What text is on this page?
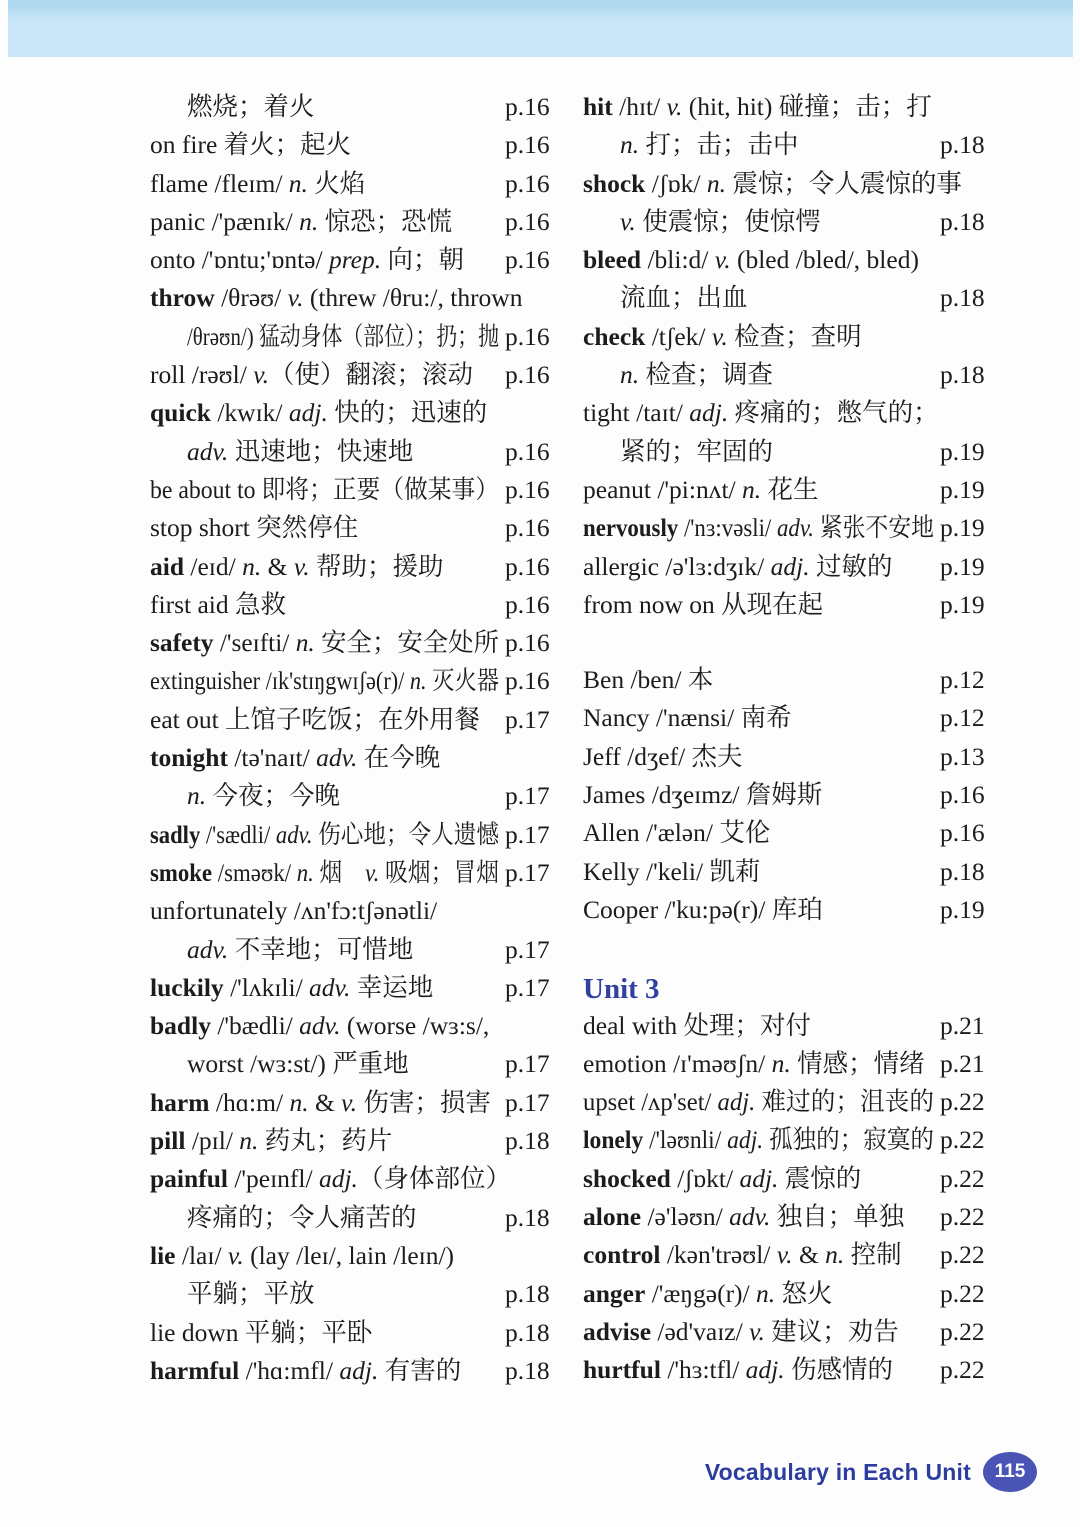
燃烧；着火	p.16
on fire 着火；起火	p.16
flame /fleɪm/ n. 火焰	p.16
panic /'pænɪk/ n. 惊恐；恐慌 p.16
onto /'ɒntu;'ɒntə/ prep. 向；朝 p.16
throw /θrəʊ/ v. (threw /θru:/, thrown
/θrəʊn/) 猛动身体（部位）；扔；抛 p.16
roll /rəʊl/ v.（使）翻滚；滚动 p.16
quick /kwɪk/ adj. 快的；迅速的
adv. 迅速地；快速地	p.16
be about to 即将；正要（做某事） p.16
stop short 突然停住	p.16
aid /eɪd/ n. & v. 帮助；援助 p.16
first aid 急救	p.16
safety /'seɪfti/ n. 安全；安全处所 p.16
extinguisher /ɪk'stɪŋgwɪʃə(r)/ n. 灭火器 p.16
eat out 上馆子吃饭；在外用餐 p.17
tonight /tə'naɪt/ adv. 在今晚
n. 今夜；今晚	p.17
sadly /'sædli/ adv. 伤心地；令人遗憾 p.17
smoke /sməʊk/ n. 烟　v. 吸烟；冒烟 p.17
unfortunately /ʌn'fɔ:tʃənətli/
adv. 不幸地；可惜地	p.17
luckily /'lʌkɪli/ adv. 幸运地	p.17
badly /'bædli/ adv. (worse /wɜ:s/,
worst /wɜ:st/) 严重地	p.17
harm /hɑ:m/ n. & v. 伤害；损害 p.17
pill /pɪl/ n. 药丸；药片	p.18
painful /'peɪnfl/ adj.（身体部位）
疼痛的；令人痛苦的	p.18
lie /laɪ/ v. (lay /leɪ/, lain /leɪn/)
平躺；平放	p.18
lie down 平躺；平卧	p.18
harmful /'hɑ:mfl/ adj. 有害的 p.18
hit /hɪt/ v. (hit, hit) 碰撞；击；打
n. 打；击；击中	p.18
shock /ʃɒk/ n. 震惊；令人震惊的事
v. 使震惊；使惊愕	p.18
bleed /bli:d/ v. (bled /bled/, bled)
流血；出血	p.18
check /tʃek/ v. 检查；查明
n. 检查；调查	p.18
tight /taɪt/ adj. 疼痛的；憋气的；
紧的；牢固的	p.19
peanut /'pi:nʌt/ n. 花生	p.19
nervously /'nɜ:vəsli/ adv. 紧张不安地 p.19
allergic /ə'lɜ:dʒɪk/ adj. 过敏的 p.19
from now on 从现在起	p.19
Ben /ben/ 本	p.12
Nancy /'nænsi/ 南希	p.12
Jeff /dʒef/ 杰夫	p.13
James /dʒeɪmz/ 詹姆斯	p.16
Allen /'ælən/ 艾伦	p.16
Kelly /'keli/ 凯莉	p.18
Cooper /'ku:pə(r)/ 库珀	p.19
Unit 3
deal with 处理；对付	p.21
emotion /ɪ'məʊʃn/ n. 情感；情绪 p.21
upset /ʌp'set/ adj. 难过的；沮丧的 p.22
lonely /'ləʊnli/ adj. 孤独的；寂寞的 p.22
shocked /ʃɒkt/ adj. 震惊的	p.22
alone /ə'ləʊn/ adv. 独自；单独 p.22
control /kən'trəʊl/ v. & n. 控制 p.22
anger /'æŋgə(r)/ n. 怒火	p.22
advise /əd'vaɪz/ v. 建议；劝告 p.22
hurtful /'hɜ:tfl/ adj. 伤感情的 p.22
Vocabulary in Each Unit	115
